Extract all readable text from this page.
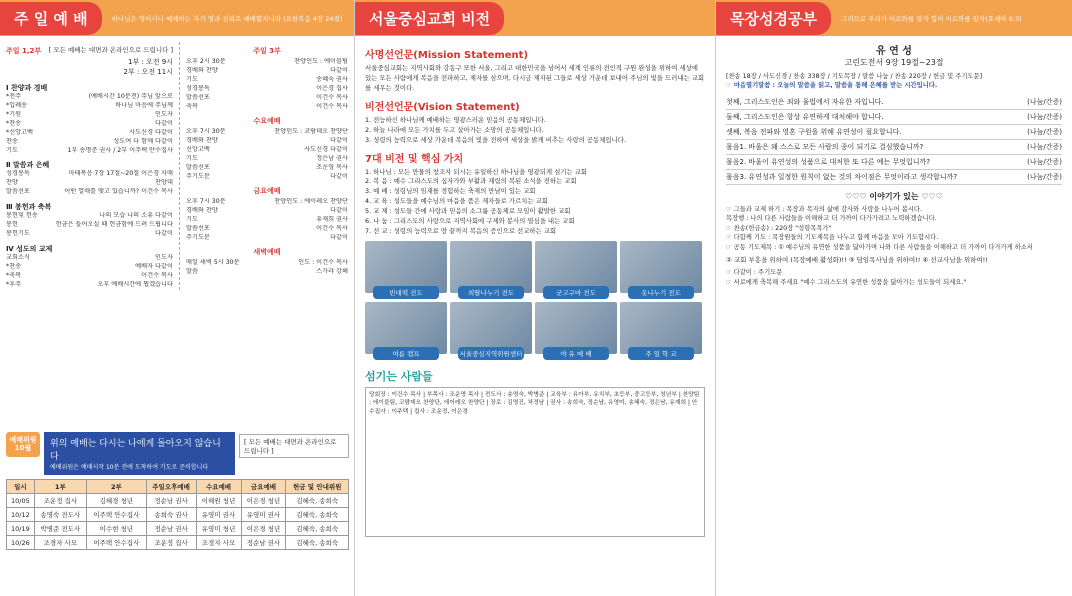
주 일 예 배	하나님은 영이시니 예배하는 자가 영과 진리로 예배할지니라 (요한복음 4장 24절)
주일 1,2부 [ 모든 예배는 대면과 온라인으로 드립니다 ]
1부 : 오전 9시
2부 : 오전 11시
Ⅰ 찬양과 경배
*전주	(예배시간 10분전) 주님 앞으로
*입례송	하나님 마음에 주님께
*기원	인도자
*찬송	다같이
*신앙고백	사도신경 다같이
찬송	성도여 다 함께 다같이
기도	1부 송명준 권사 / 2부 이주택 안수집사
Ⅱ 말씀과 은혜
성경봉독	마태복음 7장 17절~20절 이은경 자매
찬양	찬양대
말씀선포	어떤 열매를 맺고 있습니까? 이건수 목사
Ⅲ 봉헌과 축복
봉헌및 헌송	나의 모습 나의 소유 다같이
봉헌	헌금은 들어오실 때 헌금함에 드려 드립니다
봉헌기도	다같이
Ⅳ 성도의 교제
교회소식	인도자
*찬송	예배자 다같이
*축복	이건수 목사
*후주	오후 예배시간에 뵙겠습니다
주일 3부
오후 2시 30분	찬양인도 : 에이블팀
경배와 찬양	다같이
기도	송혜숙 권사
성경봉독	이은경 집사
말씀선포	이건수 목사
축복	이건수 목사
수요예배
오후 7시 30분	찬양인도 : 코람데오 찬양단
경배와 찬양	다같이
신앙고백	사도신경 다같이
기도	정은남 권사
말씀선포	조운영 목사
주기도문	다같이
금요예배
오후 7시 30분	찬양인도 : 에이레오 찬양단
경배와 찬양	다같이
기도	유재희 권사
말씀선포	이건수 목사
주기도문	다같이
새벽예배
매일 새벽 5시 30분	인도 : 이건수 목사
말씀	스가랴 강해
예배위원
10월	위의 예배는 다시는 나에게 돌아오지 않습니다
예배위원은 예배시작 10분 전에 도착하여 기도로 준비합니다
[ 모든 예배는 대면과 온라인으로 드립니다 ]
일시	1부	2부	주일오후예배	수요예배	금요예배	헌금 및 안내위원
10/05	조운정 집사	김혜경 청년	정순남 권사	이해원 청년	이은경 청년	김혜숙, 송희숙
10/12	송명숙 전도사	이주택 안수집사	송희숙 권사	유영미 권사	유영미 권사	김혜숙, 송희숙
10/19	박병준 전도사	이수현 청년	정순남 권사	유영미 청년	이은경 청년	김혜숙, 송희숙
10/26	조경자 사모	이주택 안수집사	조운정 집사	조경자 사모	정순남 권사	김혜숙, 송희숙
서울중심교회 비전
사명선언문(Mission Statement)
서울중심교회는 지역사회와 강동구 또한 서울, 그리고 대한민국을 넘어서 세계 인류의 전인적 구원 완성을 위하여 세상에 있는 모든 사람에게 복음을 전파하고, 제자를 삼으며, 다시금 제자된 그들로 세상 가운데 보내어 주님의 빛을 드러내는 교회를 세우는 것이다.
비전선언문(Vision Statement)
1. 전능하신 하나님께 예배하는 영광스러운 믿음의 공동체입니다.
2. 하늘 나라에 모든 가치를 두고 살아가는 소망의 공동체입니다.
3. 성령의 능력으로 세상 가운데 복음의 빛을 전하며 세상을 밝게 비추는 사랑의 공동체입니다.
7대 비전 및 핵심 가치
1. 하나님 : 모든 만물의 창조자 되시는 유일하신 하나님을 영광되게 섬기는 교회
2. 복 음 : 예수 그리스도의 십자가와 부활과 재림의 복된 소식을 전하는 교회
3. 예 배 : 성령님의 임재를 경험하는 축제의 만남이 있는 교회
4. 교 육 : 성도들을 예수님의 마음을 품은 제자들로 가르치는 교회
5. 교 제 : 성도들 간에 사랑과 믿음의 소그룹 공동체로 모임이 활발한 교회
6. 나 눔 : 그리스도의 사랑으로 지역사회에 구제와 봉사의 열심을 내는 교회
7. 선 교 : 성령의 능력으로 땅 끝까지 복음의 증인으로 선교하는 교회
빈대떡 전도	외딸나누기 전도	군고구마 전도	옷나누기 전도
여름 캠프	서울중심지역위원센터	야 유 예 배	주 일 학 교
섬기는 사람들
당회장 : 이건수 목사 | 부목사 : 조운영 목사 | 전도사 : 송명숙, 박병준 | 교육부 : 유아부, 유치부, 초등부, 중고등부, 청년부 | 찬양팀 : 에이블팀, 코람데오 찬양단, 에이레오 찬양단 | 장로 : 김영진, 차정남 | 권사 : 송희숙, 정순남, 유영미, 송혜숙, 정은남, 유재희 | 안수집사 : 이주택 | 집사 : 조운정, 이은경
목장성경공부	그러므로 우리가 이로와를 알자 힘써 이로와를 알자(호세아 6:3)
유 연 성
고린도전서 9장 19절~23절
[찬송 18장 / 사도신경 / 찬송 338장 / 기도목장 / 말씀 나눔 / 찬송 220장 / 헌금 및 주기도문]
☞ 마음열기말씀 : 오늘의 말씀을 읽고, 말씀을 통해 은혜를 받는 시간입니다.
첫째, 그리스도인은 죄와 율법에서 자유한 자입니다.	(나눔/간증)
둘째, 그리스도인은 항상 유연하게 대처해야 합니다.	(나눔/간증)
셋째, 복음 전파와 영혼 구원을 위해 유연성이 필요합니다.	(나눔/간증)
물음1. 바울은 왜 스스로 모든 사람의 종이 되기로 결심했습니까?	(나눔/간증)
물음2. 바울이 유연성의 성품으로 대처한 또 다른 예는 무엇입니까?	(나눔/간증)
물음3. 유연성과 일정한 원칙이 없는 것의 차이점은 무엇이라고 생각합니까?	(나눔/간증)
♡♡♡ 이야기가 있는 ♡♡♡
☞ 그들과 교제 하기 : 목장과 목자의 삶에 감사와 사랑을 나누어 봅시다.
목장행 : 나의 다른 사람들을 이해하고 더 가까이 다가가려고 노력하겠습니다.
☞ 찬송(헌금송) : 220장 "성령목목가"
☞ 다함께 기도 : 목장원들의 기도제목을 나누고 함께 마음을 모아 기도합시다.
☞ 공동 기도제목 : ① 예수님의 유연한 성품을 닮아가며 나와 다른 사람들을 이해하고 더 가까이 다가가게 하소서
② 교회 부흥을 위하여 (목장예배 활성화)!! ③ 담임목사님을 위하여!! ④ 선교사님을 위하여!!
☞ 다같이 : 주기도문
☞ 서로에게 축복해 주세요 "예수 그리스도의 유연한 성품을 닮아가는 성도들이 되세요."
